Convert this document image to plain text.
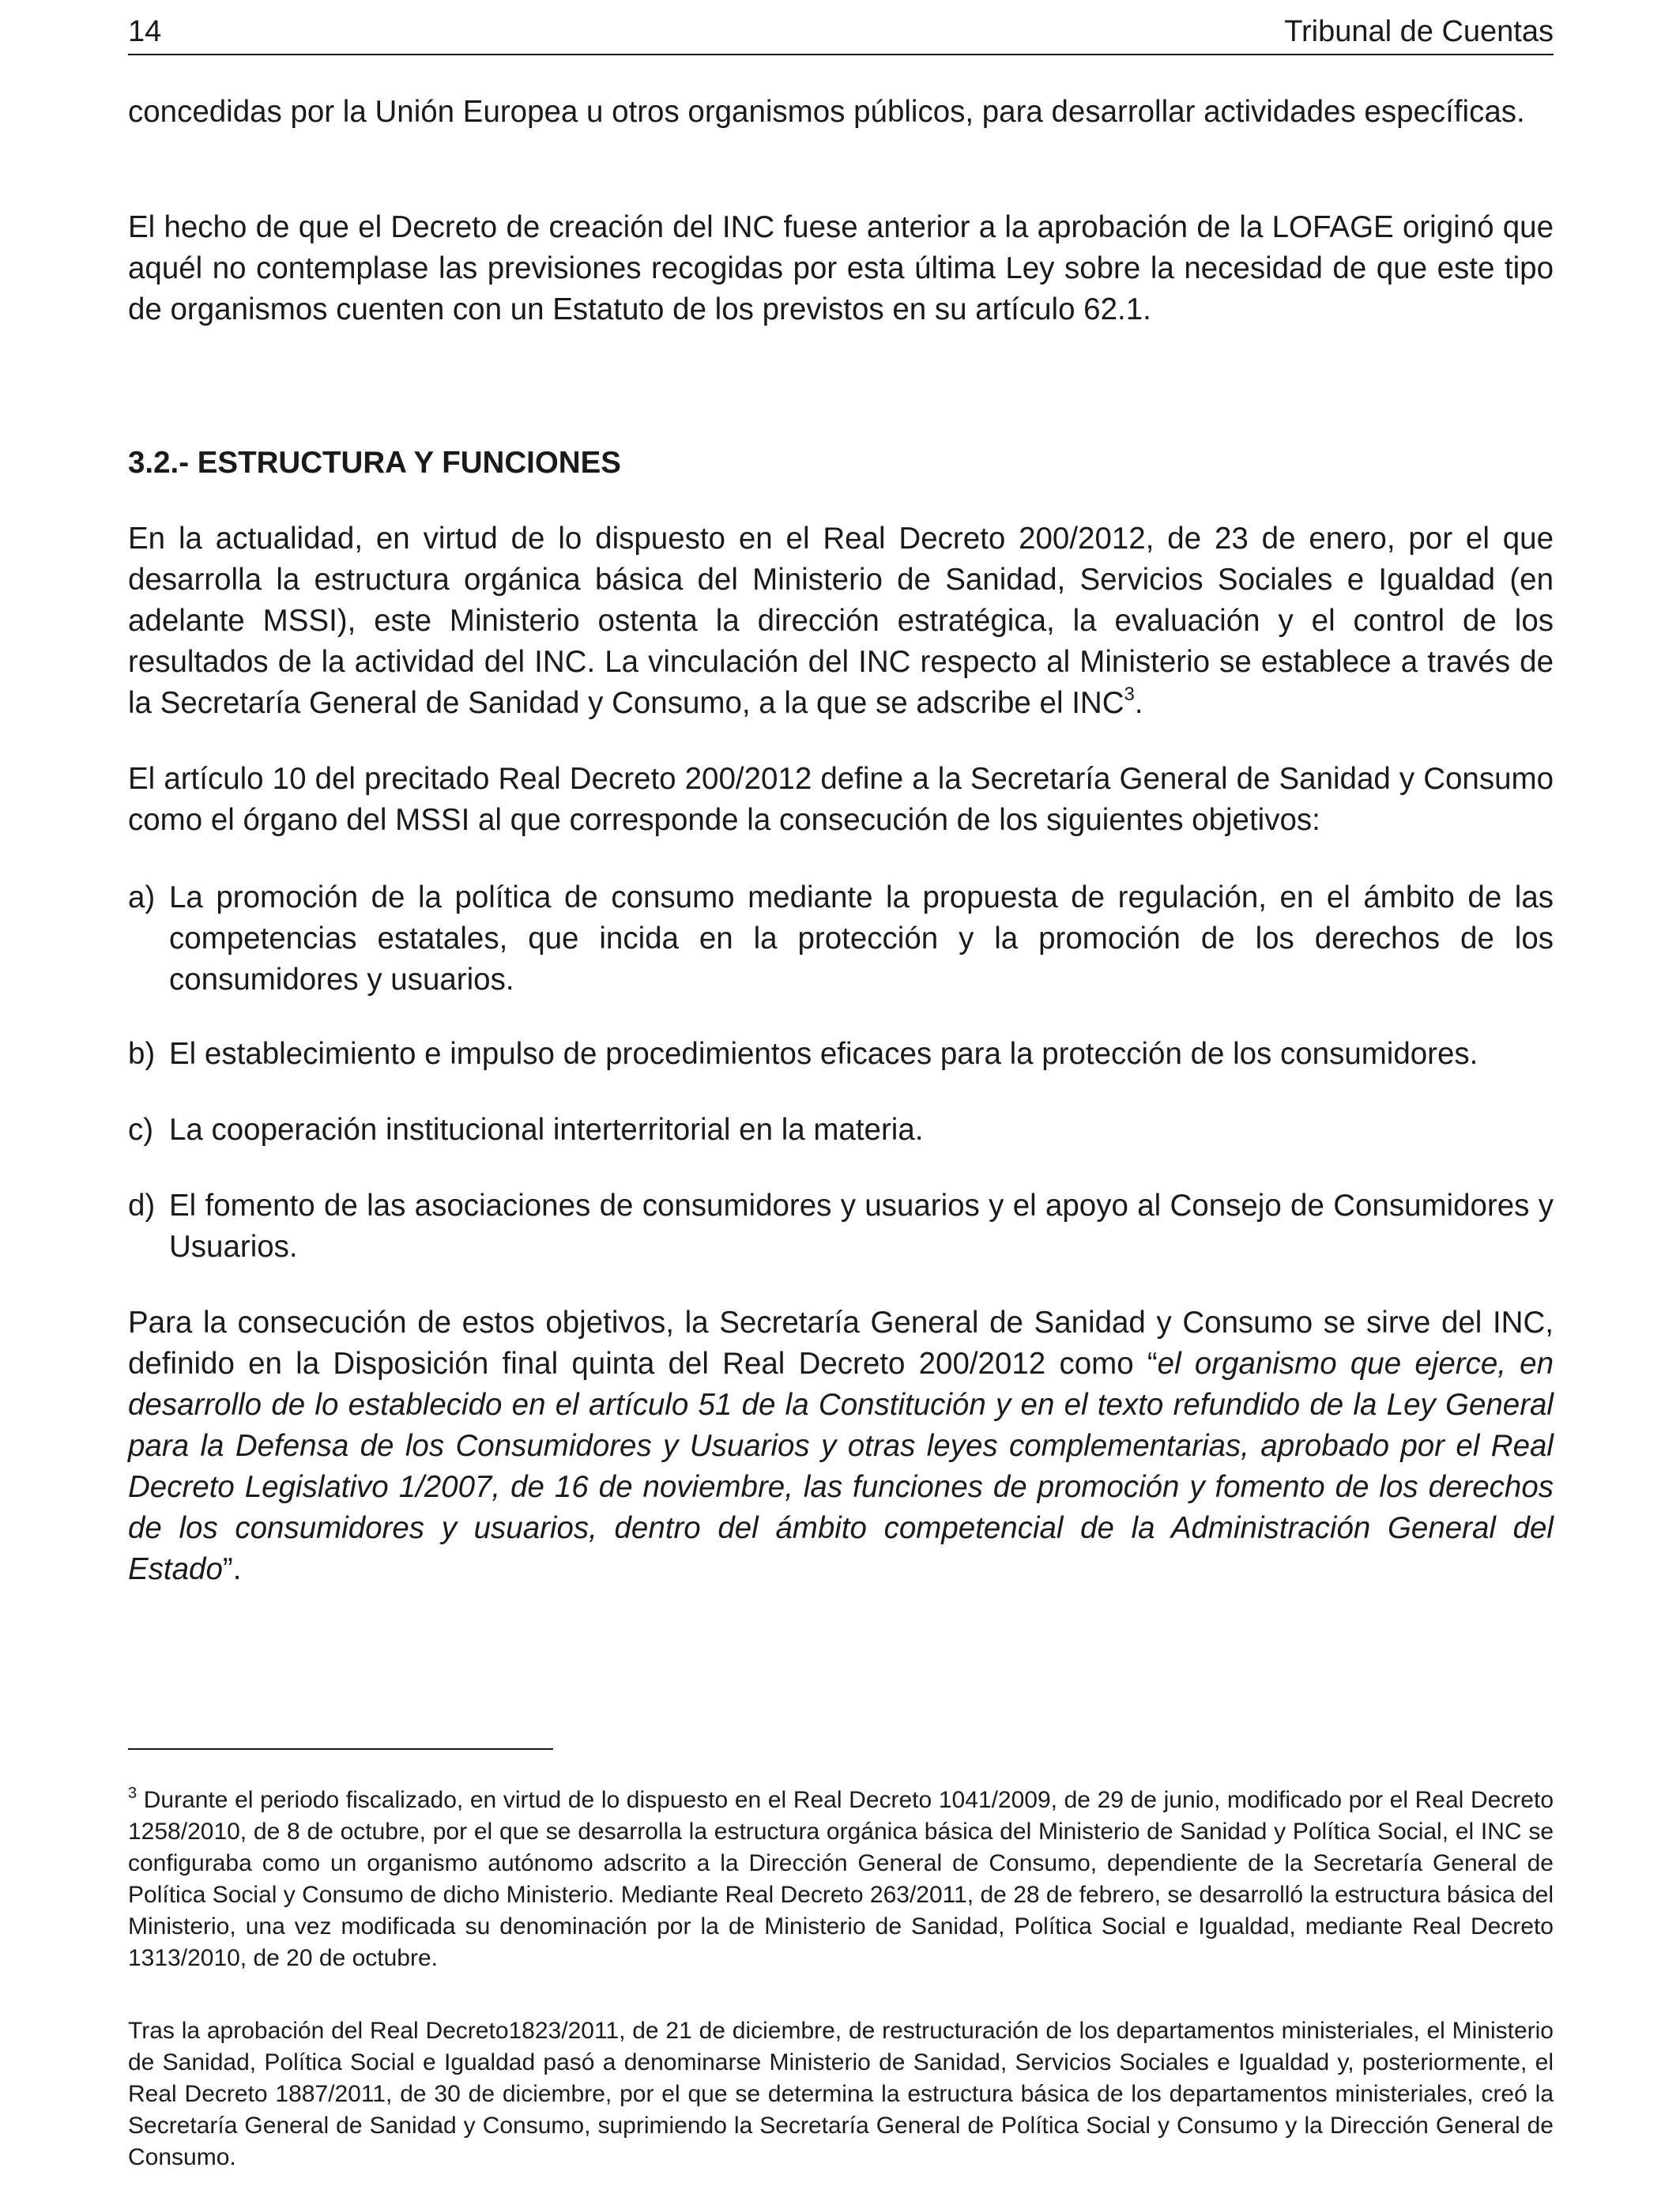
14	Tribunal de Cuentas

concedidas por la Unión Europea u otros organismos públicos, para desarrollar actividades específicas.

El hecho de que el Decreto de creación del INC fuese anterior a la aprobación de la LOFAGE originó que aquél no contemplase las previsiones recogidas por esta última Ley sobre la necesidad de que este tipo de organismos cuenten con un Estatuto de los previstos en su artículo 62.1.

3.2.- ESTRUCTURA Y FUNCIONES

En la actualidad, en virtud de lo dispuesto en el Real Decreto 200/2012, de 23 de enero, por el que desarrolla la estructura orgánica básica del Ministerio de Sanidad, Servicios Sociales e Igualdad (en adelante MSSI), este Ministerio ostenta la dirección estratégica, la evaluación y el control de los resultados de la actividad del INC. La vinculación del INC respecto al Ministerio se establece a través de la Secretaría General de Sanidad y Consumo, a la que se adscribe el INC$^3$.

El artículo 10 del precitado Real Decreto 200/2012 define a la Secretaría General de Sanidad y Consumo como el órgano del MSSI al que corresponde la consecución de los siguientes objetivos:

a) La promoción de la política de consumo mediante la propuesta de regulación, en el ámbito de las competencias estatales, que incida en la protección y la promoción de los derechos de los consumidores y usuarios.
b) El establecimiento e impulso de procedimientos eficaces para la protección de los consumidores.
c) La cooperación institucional interterritorial en la materia.
d) El fomento de las asociaciones de consumidores y usuarios y el apoyo al Consejo de Consumidores y Usuarios.

Para la consecución de estos objetivos, la Secretaría General de Sanidad y Consumo se sirve del INC, definido en la Disposición final quinta del Real Decreto 200/2012 como “el organismo que ejerce, en desarrollo de lo establecido en el artículo 51 de la Constitución y en el texto refundido de la Ley General para la Defensa de los Consumidores y Usuarios y otras leyes complementarias, aprobado por el Real Decreto Legislativo 1/2007, de 16 de noviembre, las funciones de promoción y fomento de los derechos de los consumidores y usuarios, dentro del ámbito competencial de la Administración General del Estado”.

$^3$ Durante el periodo fiscalizado, en virtud de lo dispuesto en el Real Decreto 1041/2009, de 29 de junio, modificado por el Real Decreto 1258/2010, de 8 de octubre, por el que se desarrolla la estructura orgánica básica del Ministerio de Sanidad y Política Social, el INC se configuraba como un organismo autónomo adscrito a la Dirección General de Consumo, dependiente de la Secretaría General de Política Social y Consumo de dicho Ministerio. Mediante Real Decreto 263/2011, de 28 de febrero, se desarrolló la estructura básica del Ministerio, una vez modificada su denominación por la de Ministerio de Sanidad, Política Social e Igualdad, mediante Real Decreto 1313/2010, de 20 de octubre.

Tras la aprobación del Real Decreto1823/2011, de 21 de diciembre, de restructuración de los departamentos ministeriales, el Ministerio de Sanidad, Política Social e Igualdad pasó a denominarse Ministerio de Sanidad, Servicios Sociales e Igualdad y, posteriormente, el Real Decreto 1887/2011, de 30 de diciembre, por el que se determina la estructura básica de los departamentos ministeriales, creó la Secretaría General de Sanidad y Consumo, suprimiendo la Secretaría General de Política Social y Consumo y la Dirección General de Consumo.
